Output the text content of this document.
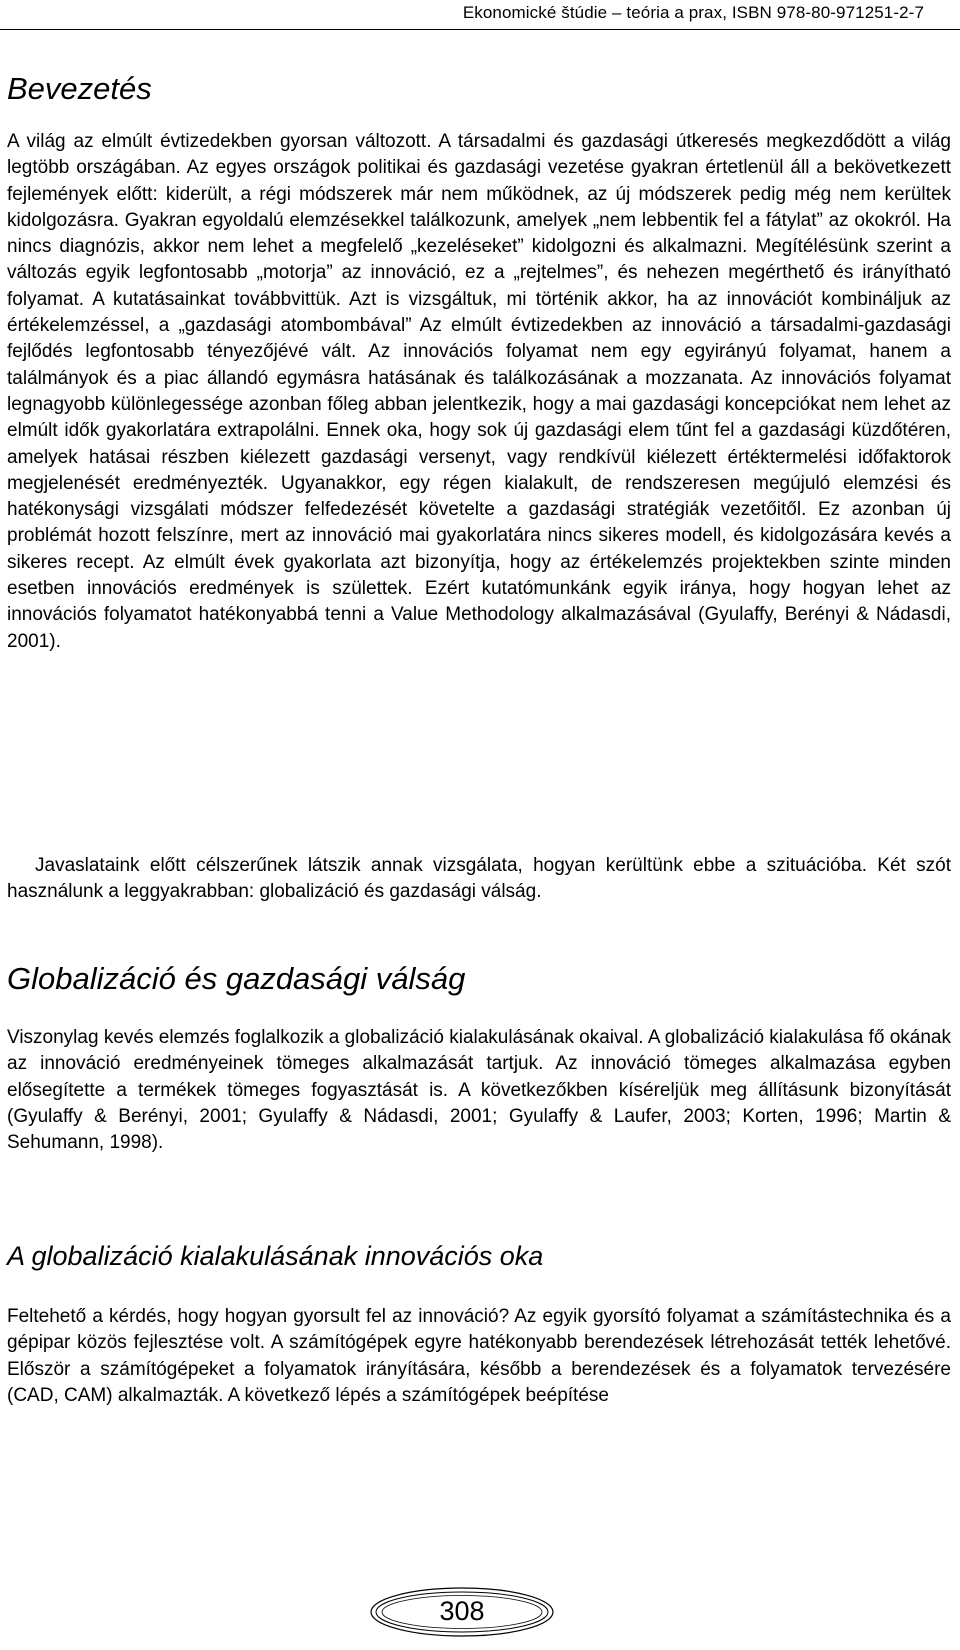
Ekonomické štúdie – teória a prax, ISBN 978-80-971251-2-7
Bevezetés

A világ az elmúlt évtizedekben gyorsan változott. A társadalmi és gazdasági útkeresés megkezdődött a világ legtöbb országában. Az egyes országok politikai és gazdasági vezetése gyakran értetlenül áll a bekövetkezett fejlemények előtt: kiderült, a régi módszerek már nem működnek, az új módszerek pedig még nem kerültek kidolgozásra. Gyakran egyoldalú elemzésekkel találkozunk, amelyek „nem lebbentik fel a fátylat” az okokról. Ha nincs diagnózis, akkor nem lehet a megfelelő „kezeléseket” kidolgozni és alkalmazni. Megítélésünk szerint a változás egyik legfontosabb „motorja” az innováció, ez a „rejtelmes”, és nehezen megérthető és irányítható folyamat. A kutatásainkat továbbvittük. Azt is vizsgáltuk, mi történik akkor, ha az innovációt kombináljuk az értékelemzéssel, a „gazdasági atombombával” Az elmúlt évtizedekben az innováció a társadalmi-gazdasági fejlődés legfontosabb tényezőjévé vált. Az innovációs folyamat nem egy egyirányú folyamat, hanem a találmányok és a piac állandó egymásra hatásának és találkozásának a mozzanata. Az innovációs folyamat legnagyobb különlegessége azonban főleg abban jelentkezik, hogy a mai gazdasági koncepciókat nem lehet az elmúlt idők gyakorlatára extrapolálni. Ennek oka, hogy sok új gazdasági elem tűnt fel a gazdasági küzdőtéren, amelyek hatásai részben kiélezett gazdasági versenyt, vagy rendkívül kiélezett értéktermelési időfaktorok megjelenését eredményezték. Ugyanakkor, egy régen kialakult, de rendszeresen megújuló elemzési és hatékonysági vizsgálati módszer felfedezését követelte a gazdasági stratégiák vezetőitől. Ez azonban új problémát hozott felszínre, mert az innováció mai gyakorlatára nincs sikeres modell, és kidolgozására kevés a sikeres recept. Az elmúlt évek gyakorlata azt bizonyítja, hogy az értékelemzés projektekben szinte minden esetben innovációs eredmények is születtek. Ezért kutatómunkánk egyik iránya, hogy hogyan lehet az innovációs folyamatot hatékonyabbá tenni a Value Methodology alkalmazásával (Gyulaffy, Berényi & Nádasdi, 2001).

Javaslataink előtt célszerűnek látszik annak vizsgálata, hogyan kerültünk ebbe a szituációba. Két szót használunk a leggyakrabban: globalizáció és gazdasági válság.

Globalizáció és gazdasági válság

Viszonylag kevés elemzés foglalkozik a globalizáció kialakulásának okaival. A globalizáció kialakulása fő okának az innováció eredményeinek tömeges alkalmazását tartjuk. Az innováció tömeges alkalmazása egyben elősegítette a termékek tömeges fogyasztását is. A következőkben kíséreljük meg állításunk bizonyítását (Gyulaffy & Berényi, 2001; Gyulaffy & Nádasdi, 2001; Gyulaffy & Laufer, 2003; Korten, 1996; Martin & Sehumann, 1998).

A globalizáció kialakulásának innovációs oka

Feltehető a kérdés, hogy hogyan gyorsult fel az innováció? Az egyik gyorsító folyamat a számítástechnika és a gépipar közös fejlesztése volt. A számítógépek egyre hatékonyabb berendezések létrehozását tették lehetővé. Először a számítógépeket a folyamatok irányítására, később a berendezések és a folyamatok tervezésére (CAD, CAM) alkalmazták. A következő lépés a számítógépek beépítése

308
